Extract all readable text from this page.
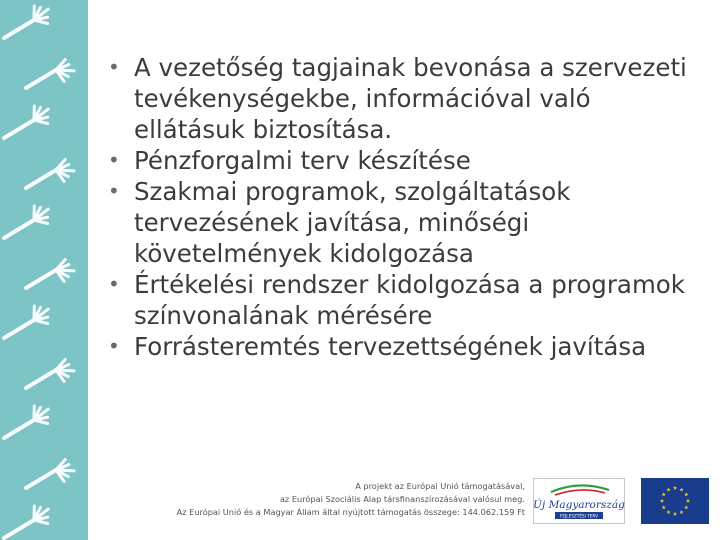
• A vezetőség tagjainak bevonása a szervezeti tevékenységekbe, információval való ellátásuk biztosítása.
• Pénzforgalmi terv készítése
• Szakmai programok, szolgáltatások tervezésének javítása, minőségi követelmények kidolgozása
• Értékelési rendszer kidolgozása a programok színvonalának mérésére
• Forrásteremtés tervezettségének javítása
A projekt az Európai Unió támogatásával,
az Európai Szociális Alap társfinanszírozásával valósul meg.
Az Európai Unió és a Magyar Állam által nyújtott támogatás összege: 144.062.159 Ft
Új Magyarország
FEJLESZTÉSI TERV
